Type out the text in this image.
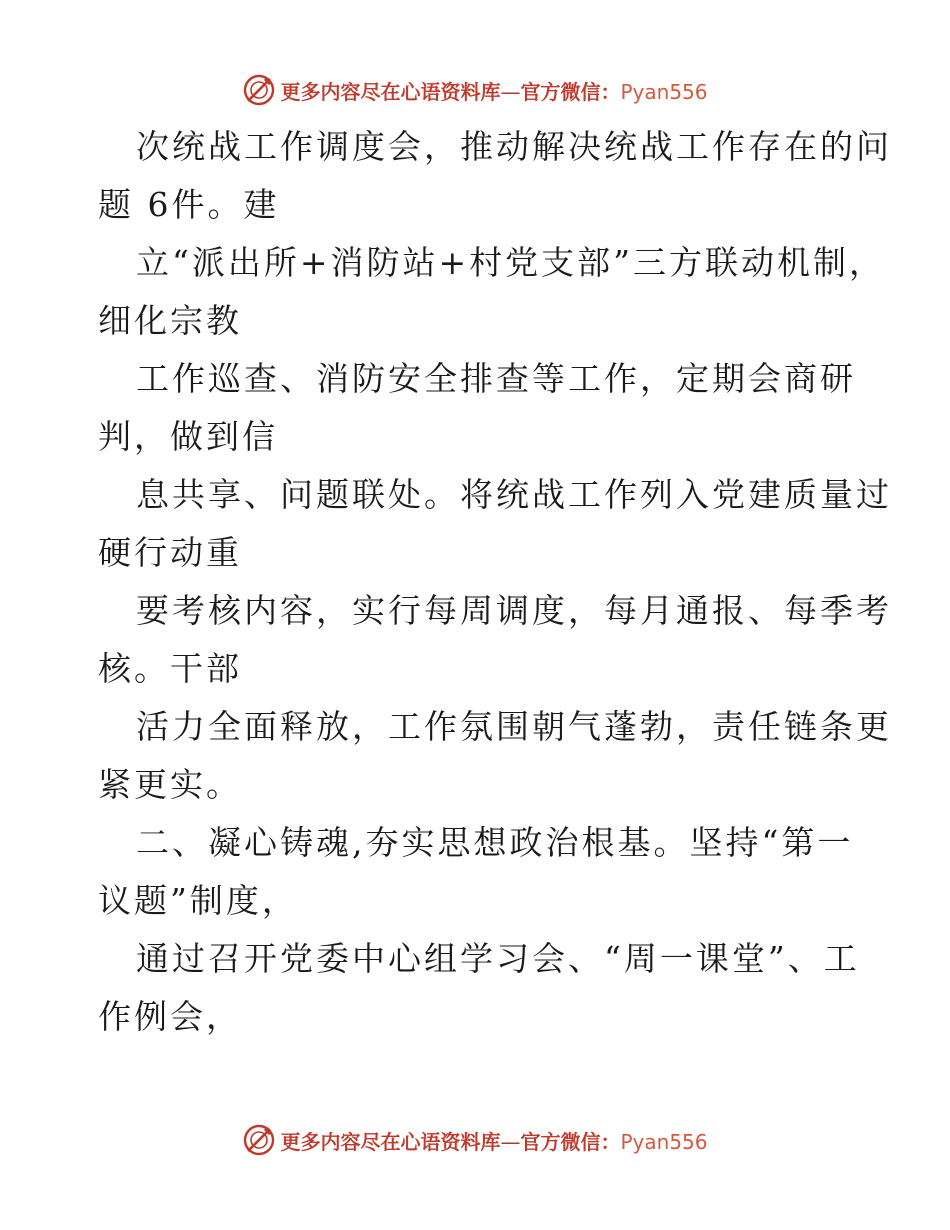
更多内容尽在心语资料库—官方微信：Pyan556

次统战工作调度会，推动解决统战工作存在的问
题 6件。建

立“派出所+消防站+村党支部”三方联动机制，
细化宗教

工作巡查、消防安全排查等工作，定期会商研
判，做到信

息共享、问题联处。将统战工作列入党建质量过
硬行动重

要考核内容，实行每周调度，每月通报、每季考
核。干部

活力全面释放，工作氛围朝气蓬勃，责任链条更
紧更实。

二、凝心铸魂,夯实思想政治根基。坚持“第一
议题”制度，

通过召开党委中心组学习会、“周一课堂”、工
作例会，

更多内容尽在心语资料库—官方微信：Pyan556
